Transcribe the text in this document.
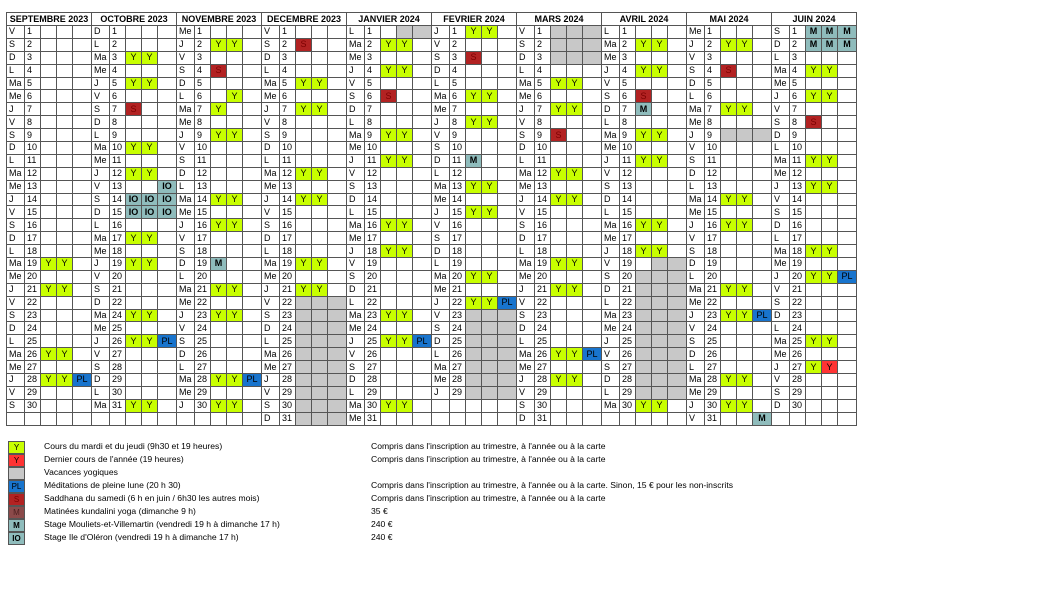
SEPTEMBRE 2023					OCTOBRE 2023					NOVEMBRE 2023					DECEMBRE 2023					JANVIER 2024					FEVRIER 2024					MARS 2024					AVRIL 2024					MAI 2024					JUIN 2024				
V	1				D	1				Me	1				V	1				L	1				J	1	Y	Y		V	1				L	1				Me	1				S	1	M	M	M
S	2				L	2				J	2	Y	Y		S	2	S			Ma	2	Y	Y		V	2				S	2				Ma	2	Y	Y		J	2	Y	Y		D	2	M	M	M
D	3				Ma	3	Y	Y		V	3				D	3				Me	3				S	3	S			D	3				Me	3				V	3				L	3			
L	4				Me	4				S	4	S			L	4				J	4	Y	Y		D	4				L	4				J	4	Y	Y		S	4	S			Ma	4	Y	Y	
Ma	5				J	5	Y	Y		D	5				Ma	5	Y	Y		V	5				L	5				Ma	5	Y	Y		V	5				D	5				Me	5			
Me	6				V	6				L	6		Y		Me	6				S	6	S			Ma	6	Y	Y		Me	6				S	6	S			L	6				J	6	Y	Y	
J	7				S	7	S			Ma	7	Y			J	7	Y	Y		D	7				Me	7				J	7	Y	Y		D	7	M			Ma	7	Y	Y		V	7			
V	8				D	8				Me	8				V	8				L	8				J	8	Y	Y		V	8				L	8				Me	8				S	8	S		
S	9				L	9				J	9	Y	Y		S	9				Ma	9	Y	Y		V	9				S	9	S			Ma	9	Y	Y		J	9				D	9			
D	10				Ma	10	Y	Y		V	10				D	10				Me	10				S	10				D	10				Me	10				V	10				L	10			
L	11				Me	11				S	11				L	11				J	11	Y	Y		D	11	M			L	11				J	11	Y	Y		S	11				Ma	11	Y	Y	
Ma	12				J	12	Y	Y		D	12				Ma	12	Y	Y		V	12				L	12				Ma	12	Y	Y		V	12				D	12				Me	12			
Me	13				V	13			IO	L	13				Me	13				S	13				Ma	13	Y	Y		Me	13				S	13				L	13				J	13	Y	Y	
J	14				S	14	IO	IO	IO	Ma	14	Y	Y		J	14	Y	Y		D	14				Me	14				J	14	Y	Y		D	14				Ma	14	Y	Y		V	14			
V	15				D	15	IO	IO	IO	Me	15				V	15				L	15				J	15	Y	Y		V	15				L	15				Me	15				S	15			
S	16				L	16				J	16	Y	Y		S	16				Ma	16	Y	Y		V	16				S	16				Ma	16	Y	Y		J	16	Y	Y		D	16			
D	17				Ma	17	Y	Y		V	17				D	17				Me	17				S	17				D	17				Me	17				V	17				L	17			
L	18				Me	18				S	18				L	18				J	18	Y	Y		D	18				L	18				J	18	Y	Y		S	18				Ma	18	Y	Y	
Ma	19	Y	Y		J	19	Y	Y		D	19	M			Ma	19	Y	Y		V	19				L	19				Ma	19	Y	Y		V	19				D	19				Me	19			
Me	20				V	20				L	20				Me	20				S	20				Ma	20	Y	Y		Me	20				S	20				L	20				J	20	Y	Y	PL
J	21	Y	Y		S	21				Ma	21	Y	Y		J	21	Y	Y		D	21				Me	21				J	21	Y	Y		D	21				Ma	21	Y	Y		V	21			
V	22				D	22				Me	22				V	22				L	22				J	22	Y	Y	PL	V	22				L	22				Me	22				S	22			
S	23				Ma	24	Y	Y		J	23	Y	Y		S	23				Ma	23	Y	Y		V	23				S	23				Ma	23				J	23	Y	Y	PL	D	23			
D	24				Me	25				V	24				D	24				Me	24				S	24				D	24				Me	24				V	24				L	24			
L	25				J	26	Y	Y	PL	S	25				L	25				J	25	Y	Y	PL	D	25				L	25				J	25				S	25				Ma	25	Y	Y	
Ma	26	Y	Y		V	27				D	26				Ma	26				V	26				L	26				Ma	26	Y	Y	PL	V	26				D	26				Me	26			
Me	27				S	28				L	27				Me	27				S	27				Ma	27				Me	27				S	27				L	27				J	27	Y	Y	
J	28	Y	Y	PL	D	29				Ma	28	Y	Y	PL	J	28				D	28				Me	28				J	28	Y	Y		D	28				Ma	28	Y	Y		V	28			
V	29				L	30				Me	29				V	29				L	29				J	29				V	29				L	29				Me	29				S	29			
S	30				Ma	31	Y	Y		J	30	Y	Y		S	30				Ma	30	Y	Y							S	30				Ma	30	Y	Y		J	30	Y	Y		D	30			
															D	31				Me	31									D	31									V	31			M					
Y	Cours du mardi et du jeudi (9h30 et 19 heures)	Compris dans l'inscription au trimestre, à l'année ou à la carte
Y	Dernier cours de l'année (19 heures)	Compris dans l'inscription au trimestre, à l'année ou à la carte
Vacances yogiques
PL	Méditations de pleine lune (20 h 30)	Compris dans l'inscription au trimestre, à l'année ou à la carte. Sinon, 15 € pour les non-inscrits
S	Saddhana du samedi (6 h en juin / 6h30 les autres mois)	Compris dans l'inscription au trimestre, à l'année ou à la carte
M	Matinées kundalini yoga (dimanche 9 h)	35 €
M	Stage Mouliets-et-Villemartin (vendredi 19 h à dimanche 17 h)	240 €
IO	Stage Ile d'Oléron (vendredi 19 h à dimanche 17 h)	240 €
